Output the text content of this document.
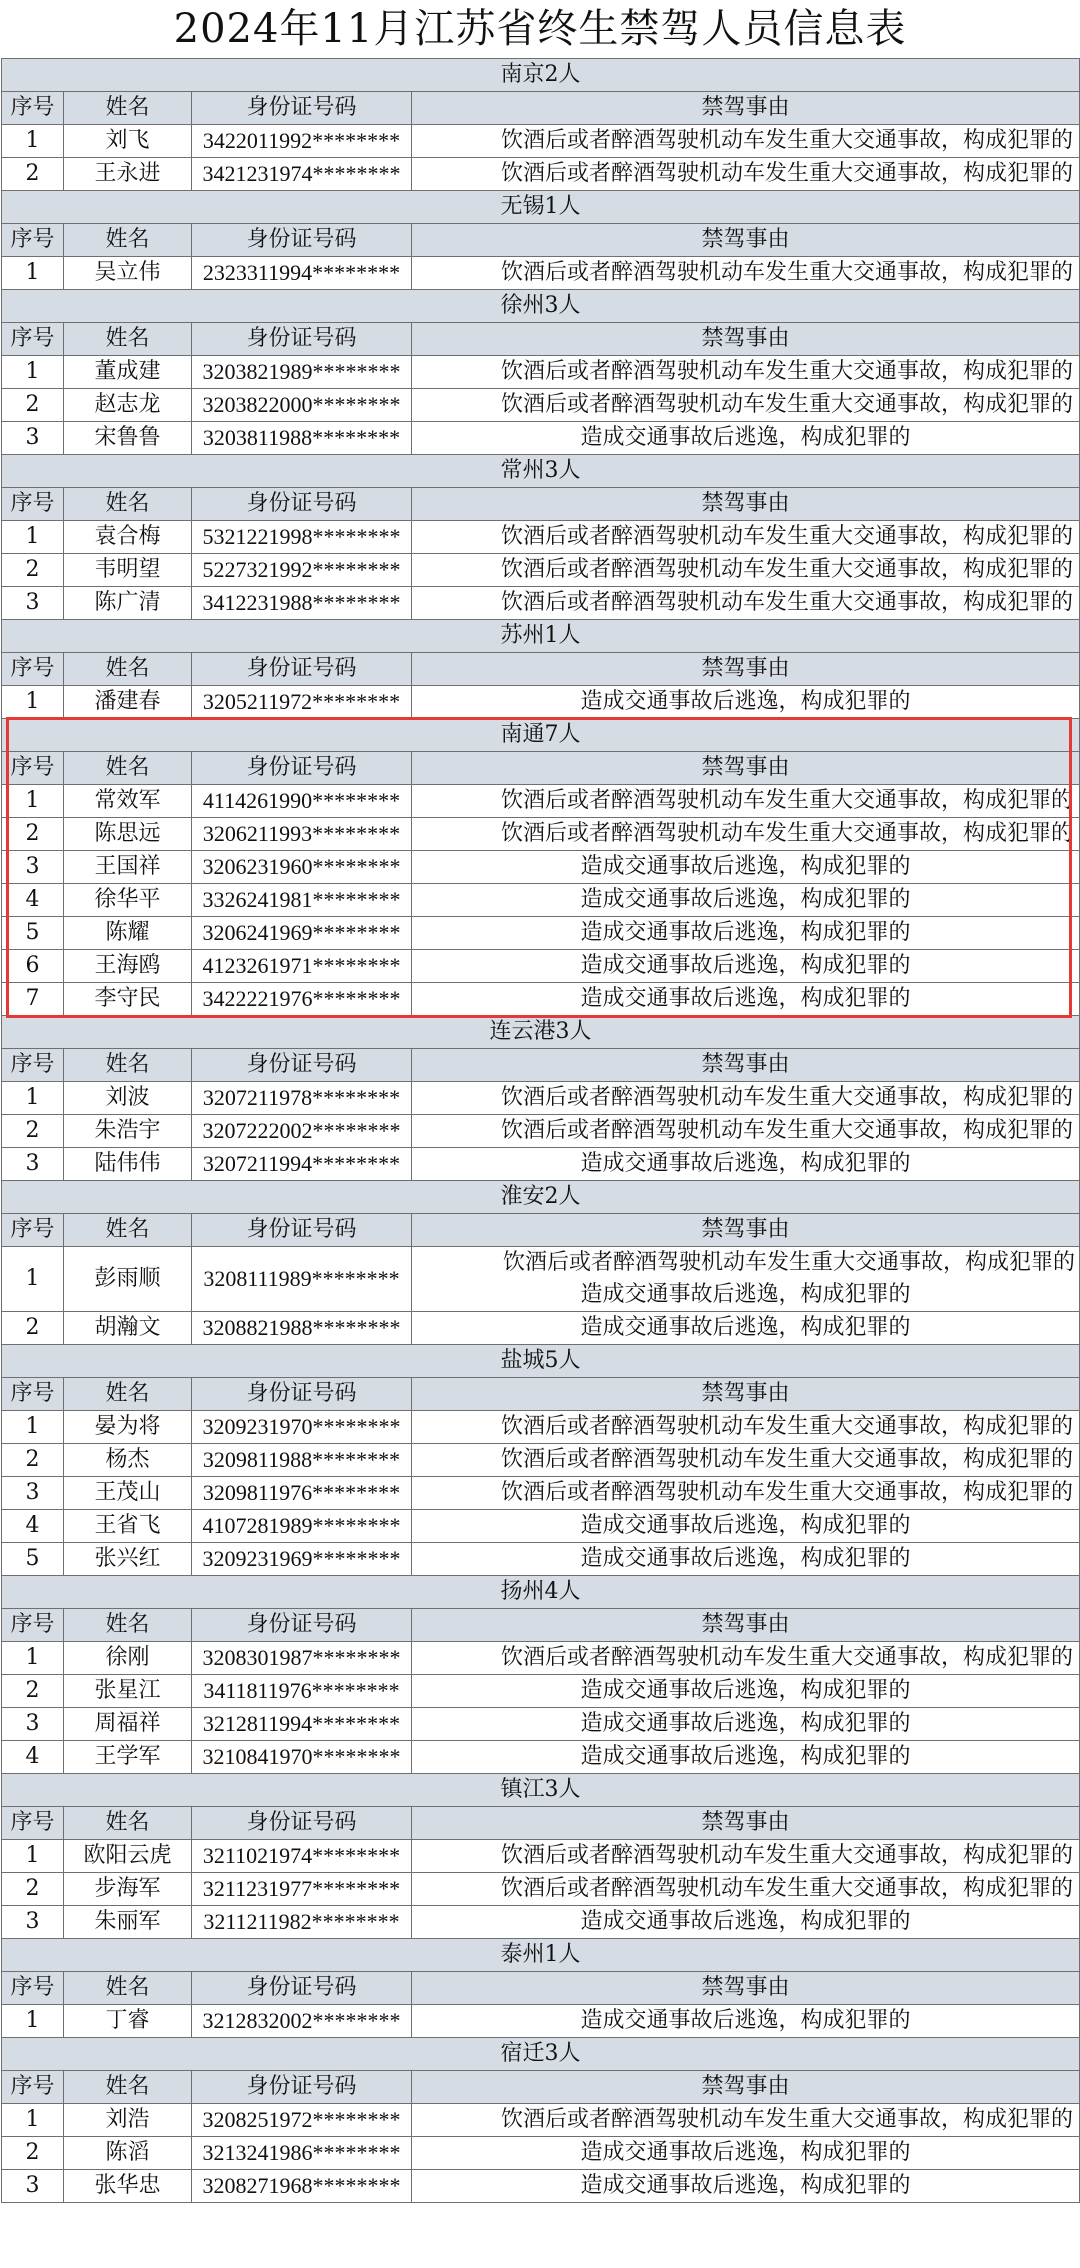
2024年11月江苏省终生禁驾人员信息表
南京2人			
序号	姓名	身份证号码	禁驾事由
1	刘飞	3422011992********	饮酒后或者醉酒驾驶机动车发生重大交通事故，构成犯罪的
2	王永进	3421231974********	饮酒后或者醉酒驾驶机动车发生重大交通事故，构成犯罪的
无锡1人			
序号	姓名	身份证号码	禁驾事由
1	吴立伟	2323311994********	饮酒后或者醉酒驾驶机动车发生重大交通事故，构成犯罪的
徐州3人			
序号	姓名	身份证号码	禁驾事由
1	董成建	3203821989********	饮酒后或者醉酒驾驶机动车发生重大交通事故，构成犯罪的
2	赵志龙	3203822000********	饮酒后或者醉酒驾驶机动车发生重大交通事故，构成犯罪的
3	宋鲁鲁	3203811988********	造成交通事故后逃逸，构成犯罪的
常州3人			
序号	姓名	身份证号码	禁驾事由
1	袁合梅	5321221998********	饮酒后或者醉酒驾驶机动车发生重大交通事故，构成犯罪的
2	韦明望	5227321992********	饮酒后或者醉酒驾驶机动车发生重大交通事故，构成犯罪的
3	陈广清	3412231988********	饮酒后或者醉酒驾驶机动车发生重大交通事故，构成犯罪的
苏州1人			
序号	姓名	身份证号码	禁驾事由
1	潘建春	3205211972********	造成交通事故后逃逸，构成犯罪的
南通7人			
序号	姓名	身份证号码	禁驾事由
1	常效军	4114261990********	饮酒后或者醉酒驾驶机动车发生重大交通事故，构成犯罪的
2	陈思远	3206211993********	饮酒后或者醉酒驾驶机动车发生重大交通事故，构成犯罪的
3	王国祥	3206231960********	造成交通事故后逃逸，构成犯罪的
4	徐华平	3326241981********	造成交通事故后逃逸，构成犯罪的
5	陈耀	3206241969********	造成交通事故后逃逸，构成犯罪的
6	王海鸥	4123261971********	造成交通事故后逃逸，构成犯罪的
7	李守民	3422221976********	造成交通事故后逃逸，构成犯罪的
连云港3人			
序号	姓名	身份证号码	禁驾事由
1	刘波	3207211978********	饮酒后或者醉酒驾驶机动车发生重大交通事故，构成犯罪的
2	朱浩宇	3207222002********	饮酒后或者醉酒驾驶机动车发生重大交通事故，构成犯罪的
3	陆伟伟	3207211994********	造成交通事故后逃逸，构成犯罪的
淮安2人			
序号	姓名	身份证号码	禁驾事由
1	彭雨顺	3208111989********	饮酒后或者醉酒驾驶机动车发生重大交通事故，构成犯罪的
造成交通事故后逃逸，构成犯罪的

2	胡瀚文	3208821988********	造成交通事故后逃逸，构成犯罪的
盐城5人			
序号	姓名	身份证号码	禁驾事由
1	晏为将	3209231970********	饮酒后或者醉酒驾驶机动车发生重大交通事故，构成犯罪的
2	杨杰	3209811988********	饮酒后或者醉酒驾驶机动车发生重大交通事故，构成犯罪的
3	王茂山	3209811976********	饮酒后或者醉酒驾驶机动车发生重大交通事故，构成犯罪的
4	王省飞	4107281989********	造成交通事故后逃逸，构成犯罪的
5	张兴红	3209231969********	造成交通事故后逃逸，构成犯罪的
扬州4人			
序号	姓名	身份证号码	禁驾事由
1	徐刚	3208301987********	饮酒后或者醉酒驾驶机动车发生重大交通事故，构成犯罪的
2	张星江	3411811976********	造成交通事故后逃逸，构成犯罪的
3	周福祥	3212811994********	造成交通事故后逃逸，构成犯罪的
4	王学军	3210841970********	造成交通事故后逃逸，构成犯罪的
镇江3人			
序号	姓名	身份证号码	禁驾事由
1	欧阳云虎	3211021974********	饮酒后或者醉酒驾驶机动车发生重大交通事故，构成犯罪的
2	步海军	3211231977********	饮酒后或者醉酒驾驶机动车发生重大交通事故，构成犯罪的
3	朱丽军	3211211982********	造成交通事故后逃逸，构成犯罪的
泰州1人			
序号	姓名	身份证号码	禁驾事由
1	丁睿	3212832002********	造成交通事故后逃逸，构成犯罪的
宿迁3人			
序号	姓名	身份证号码	禁驾事由
1	刘浩	3208251972********	饮酒后或者醉酒驾驶机动车发生重大交通事故，构成犯罪的
2	陈滔	3213241986********	造成交通事故后逃逸，构成犯罪的
3	张华忠	3208271968********	造成交通事故后逃逸，构成犯罪的
